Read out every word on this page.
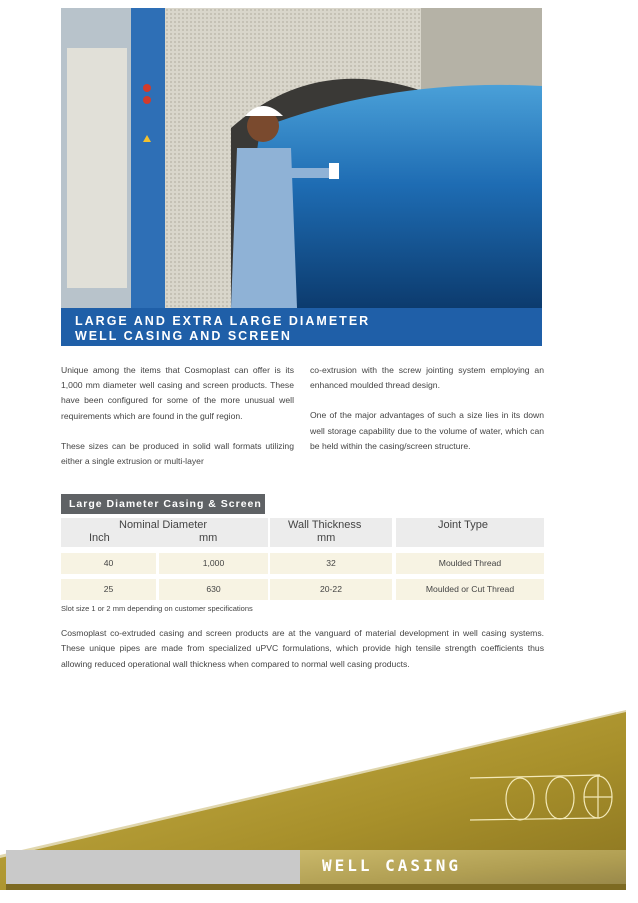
LARGE AND EXTRA LARGE DIAMETER
WELL CASING AND SCREEN

Unique among the items that Cosmoplast can offer is its 1,000 mm diameter well casing and screen products. These have been configured for some of the more unusual well requirements which are found in the gulf region.

These sizes can be produced in solid wall formats utilizing either a single extrusion or multi-layer

co-extrusion with the screw jointing system employing an enhanced moulded thread design.

One of the major advantages of such a size lies in its down well storage capability due to the volume of water, which can be held within the casing/screen structure.

Large Diameter Casing & Screen
Nominal Diameter
Inch	mm
Wall Thickness
mm
Joint Type
40	1,000	32	Moulded Thread
25	630	20-22	Moulded or Cut Thread
Slot size 1 or 2 mm depending on customer specifications
Cosmoplast co-extruded casing and screen products are at the vanguard of material development in well casing systems. These unique pipes are made from specialized uPVC formulations, which provide high tensile strength coefficients thus allowing reduced operational wall thickness when compared to normal well casing products.
WELL CASING
